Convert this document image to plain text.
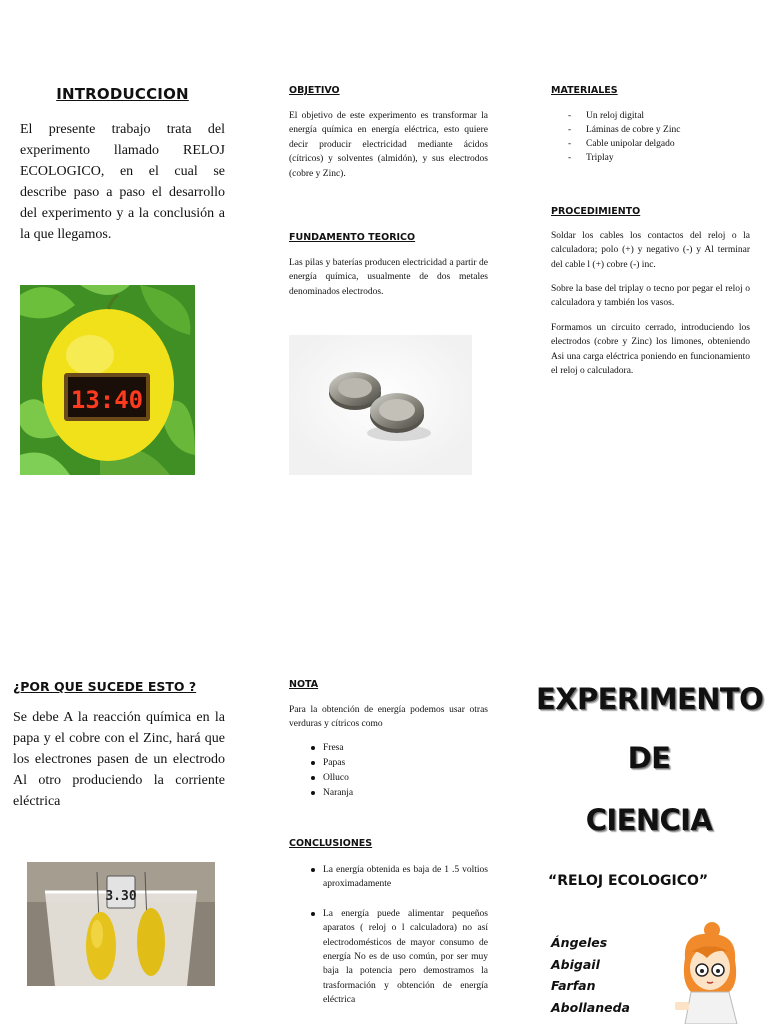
INTRODUCCION

El presente trabajo trata del experimento llamado RELOJ ECOLOGICO, en el cual se describe paso a paso el desarrollo del experimento y a la conclusión a la que llegamos.

13:40
OBJETIVO

El objetivo de este experimento es transformar la energía química en energía eléctrica, esto quiere decir producir electricidad mediante ácidos (cítricos) y solventes (almidón), y sus electrodos (cobre y Zinc).

FUNDAMENTO TEORICO

Las pilas y baterías producen electricidad a partir de energía química, usualmente de dos metales denominados electrodos.

MATERIALES
- Un reloj digital
- Láminas de cobre y Zinc
- Cable unipolar delgado
- Triplay
PROCEDIMIENTO

Soldar los cables los contactos del reloj o la calculadora; polo (+) y negativo (-) y Al terminar del cable l (+) cobre (-) inc.

Sobre la base del triplay o tecno por pegar el reloj o calculadora y también los vasos.

Formamos un circuito cerrado, introduciendo los electrodos (cobre y Zinc) los limones, obteniendo Asi una carga eléctrica poniendo en funcionamiento el reloj o calculadora.

¿POR QUE SUCEDE ESTO ?

Se debe A la reacción química en la papa y el cobre con el Zinc, hará que los electrones pasen de un electrodo Al otro produciendo la corriente eléctrica

3.30
NOTA

Para la obtención de energía podemos usar otras verduras y cítricos como

Fresa
Papas
Olluco
Naranja
CONCLUSIONES
La energía obtenida es baja de 1 .5 voltios aproximadamente
La energía puede alimentar pequeños aparatos ( reloj o l calculadora) no así electrodomésticos de mayor consumo de energía No es de uso común, por ser muy baja la potencia pero demostramos la trasformación y obtención de energía eléctrica
EXPERIMENTO
DE
CIENCIA
“RELOJ ECOLOGICO”
Ángeles
Abigail
Farfan
Abollaneda
